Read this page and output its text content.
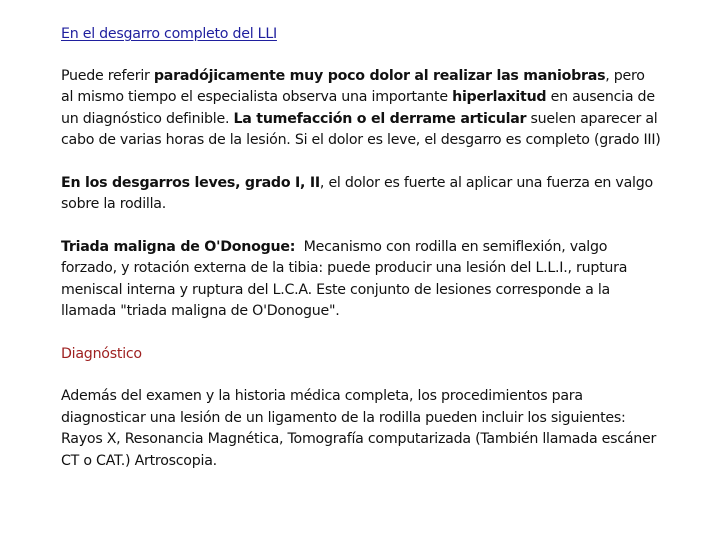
En el desgarro completo del LLI

Puede referir paradójicamente muy poco dolor al realizar las maniobras, pero al mismo tiempo el especialista observa una importante hiperlaxitud en ausencia de un diagnóstico definible. La tumefacción o el derrame articular suelen aparecer al cabo de varias horas de la lesión. Si el dolor es leve, el desgarro es completo (grado III)

En los desgarros leves, grado I, II, el dolor es fuerte al aplicar una fuerza en valgo sobre la rodilla.

Triada maligna de O'Donogue:  Mecanismo con rodilla en semiflexión, valgo forzado, y rotación externa de la tibia: puede producir una lesión del L.L.I., ruptura meniscal interna y ruptura del L.C.A. Este conjunto de lesiones corresponde a la llamada "triada maligna de O'Donogue".

Diagnóstico

Además del examen y la historia médica completa, los procedimientos para diagnosticar una lesión de un ligamento de la rodilla pueden incluir los siguientes:
Rayos X, Resonancia Magnética, Tomografía computarizada (También llamada escáner CT o CAT.) Artroscopia.
